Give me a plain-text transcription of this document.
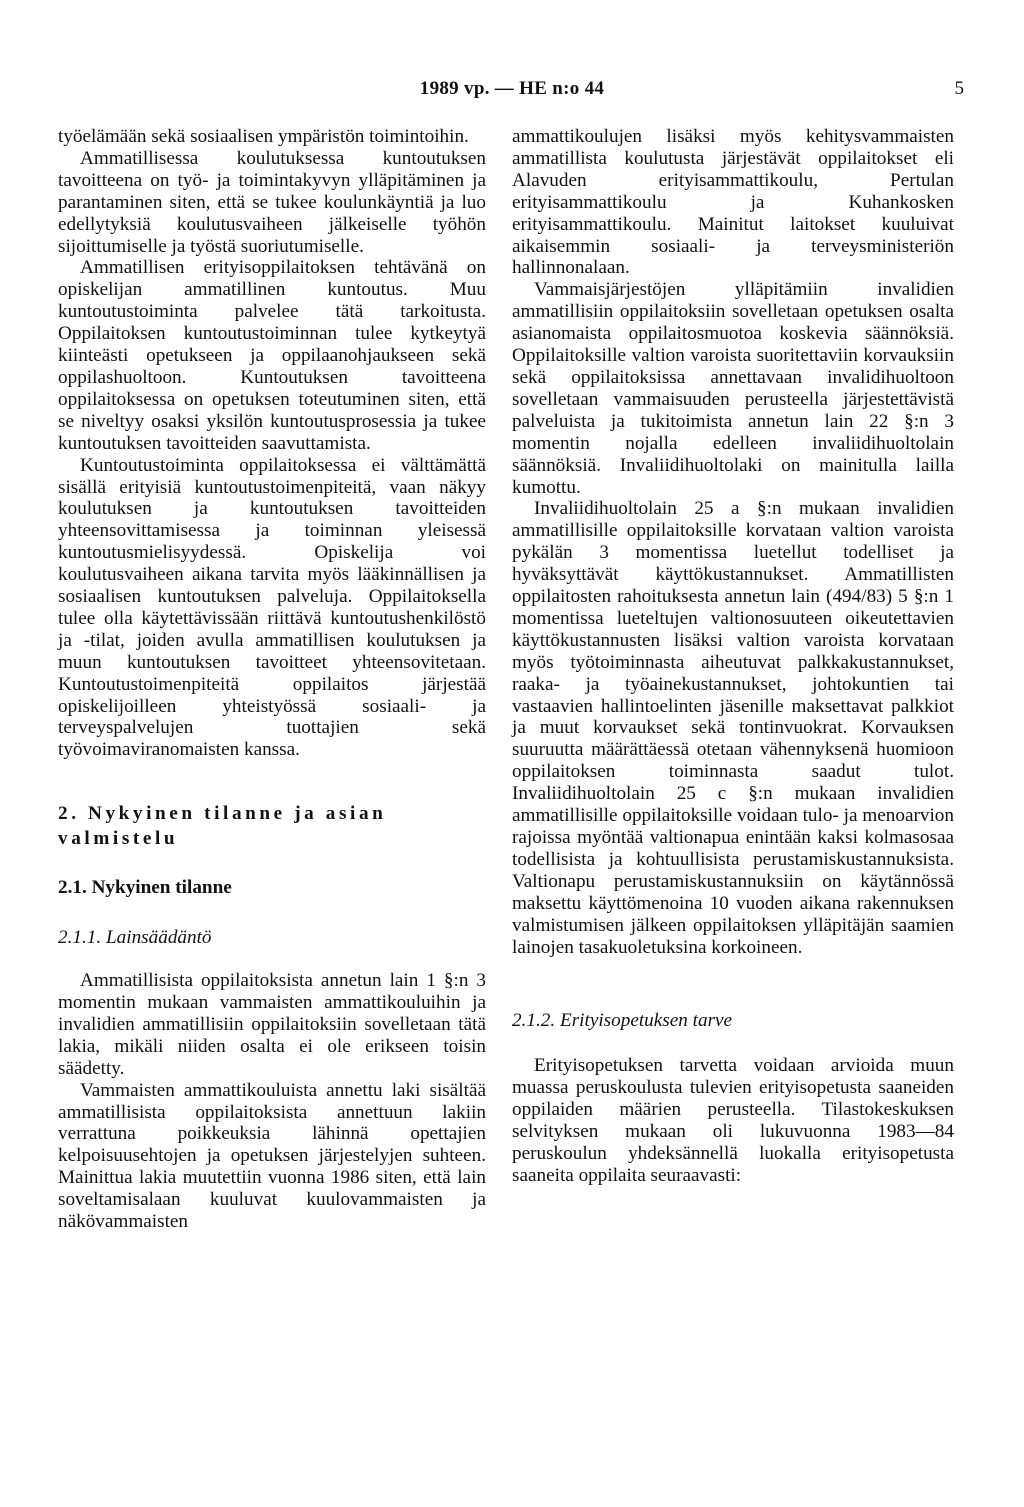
1989 vp. — HE n:o 44	5

työelämään sekä sosiaalisen ympäristön toimintoihin.

Ammatillisessa koulutuksessa kuntoutuksen tavoitteena on työ- ja toimintakyvyn ylläpitäminen ja parantaminen siten, että se tukee koulunkäyntiä ja luo edellytyksiä koulutusvaiheen jälkeiselle työhön sijoittumiselle ja työstä suoriutumiselle.

Ammatillisen erityisoppilaitoksen tehtävänä on opiskelijan ammatillinen kuntoutus. Muu kuntoutustoiminta palvelee tätä tarkoitusta. Oppilaitoksen kuntoutustoiminnan tulee kytkeytyä kiinteästi opetukseen ja oppilaanohjaukseen sekä oppilashuoltoon. Kuntoutuksen tavoitteena oppilaitoksessa on opetuksen toteutuminen siten, että se niveltyy osaksi yksilön kuntoutusprosessia ja tukee kuntoutuksen tavoitteiden saavuttamista.

Kuntoutustoiminta oppilaitoksessa ei välttämättä sisällä erityisiä kuntoutustoimenpiteitä, vaan näkyy koulutuksen ja kuntoutuksen tavoitteiden yhteensovittamisessa ja toiminnan yleisessä kuntoutusmielisyydessä. Opiskelija voi koulutusvaiheen aikana tarvita myös lääkinnällisen ja sosiaalisen kuntoutuksen palveluja. Oppilaitoksella tulee olla käytettävissään riittävä kuntoutushenkilöstö ja -tilat, joiden avulla ammatillisen koulutuksen ja muun kuntoutuksen tavoitteet yhteensovitetaan. Kuntoutustoimenpiteitä oppilaitos järjestää opiskelijoilleen yhteistyössä sosiaali- ja terveyspalvelujen tuottajien sekä työvoimaviranomaisten kanssa.

2. Nykyinen tilanne ja asian valmistelu

2.1. Nykyinen tilanne

2.1.1. Lainsäädäntö

Ammatillisista oppilaitoksista annetun lain 1 §:n 3 momentin mukaan vammaisten ammattikouluihin ja invalidien ammatillisiin oppilaitoksiin sovelletaan tätä lakia, mikäli niiden osalta ei ole erikseen toisin säädetty.

Vammaisten ammattikouluista annettu laki sisältää ammatillisista oppilaitoksista annettuun lakiin verrattuna poikkeuksia lähinnä opettajien kelpoisuusehtojen ja opetuksen järjestelyjen suhteen. Mainittua lakia muutettiin vuonna 1986 siten, että lain soveltamisalaan kuuluvat kuulovammaisten ja näkövammaisten

ammattikoulujen lisäksi myös kehitysvammaisten ammatillista koulutusta järjestävät oppilaitokset eli Alavuden erityisammattikoulu, Pertulan erityisammattikoulu ja Kuhankosken erityisammattikoulu. Mainitut laitokset kuuluivat aikaisemmin sosiaali- ja terveysministeriön hallinnonalaan.

Vammaisjärjestöjen ylläpitämiin invalidien ammatillisiin oppilaitoksiin sovelletaan opetuksen osalta asianomaista oppilaitosmuotoa koskevia säännöksiä. Oppilaitoksille valtion varoista suoritettaviin korvauksiin sekä oppilaitoksissa annettavaan invalidihuoltoon sovelletaan vammaisuuden perusteella järjestettävistä palveluista ja tukitoimista annetun lain 22 §:n 3 momentin nojalla edelleen invaliidihuoltolain säännöksiä. Invaliidihuoltolaki on mainitulla lailla kumottu.

Invaliidihuoltolain 25 a §:n mukaan invalidien ammatillisille oppilaitoksille korvataan valtion varoista pykälän 3 momentissa luetellut todelliset ja hyväksyttävät käyttökustannukset. Ammatillisten oppilaitosten rahoituksesta annetun lain (494/83) 5 §:n 1 momentissa lueteltujen valtionosuuteen oikeutettavien käyttökustannusten lisäksi valtion varoista korvataan myös työtoiminnasta aiheutuvat palkkakustannukset, raaka- ja työainekustannukset, johtokuntien tai vastaavien hallintoelinten jäsenille maksettavat palkkiot ja muut korvaukset sekä tontinvuokrat. Korvauksen suuruutta määrättäessä otetaan vähennyksenä huomioon oppilaitoksen toiminnasta saadut tulot. Invaliidihuoltolain 25 c §:n mukaan invalidien ammatillisille oppilaitoksille voidaan tulo- ja menoarvion rajoissa myöntää valtionapua enintään kaksi kolmasosaa todellisista ja kohtuullisista perustamiskustannuksista. Valtionapu perustamiskustannuksiin on käytännössä maksettu käyttömenoina 10 vuoden aikana rakennuksen valmistumisen jälkeen oppilaitoksen ylläpitäjän saamien lainojen tasakuoletuksina korkoineen.

2.1.2. Erityisopetuksen tarve

Erityisopetuksen tarvetta voidaan arvioida muun muassa peruskoulusta tulevien erityisopetusta saaneiden oppilaiden määrien perusteella. Tilastokeskuksen selvityksen mukaan oli lukuvuonna 1983—84 peruskoulun yhdeksännellä luokalla erityisopetusta saaneita oppilaita seuraavasti:
